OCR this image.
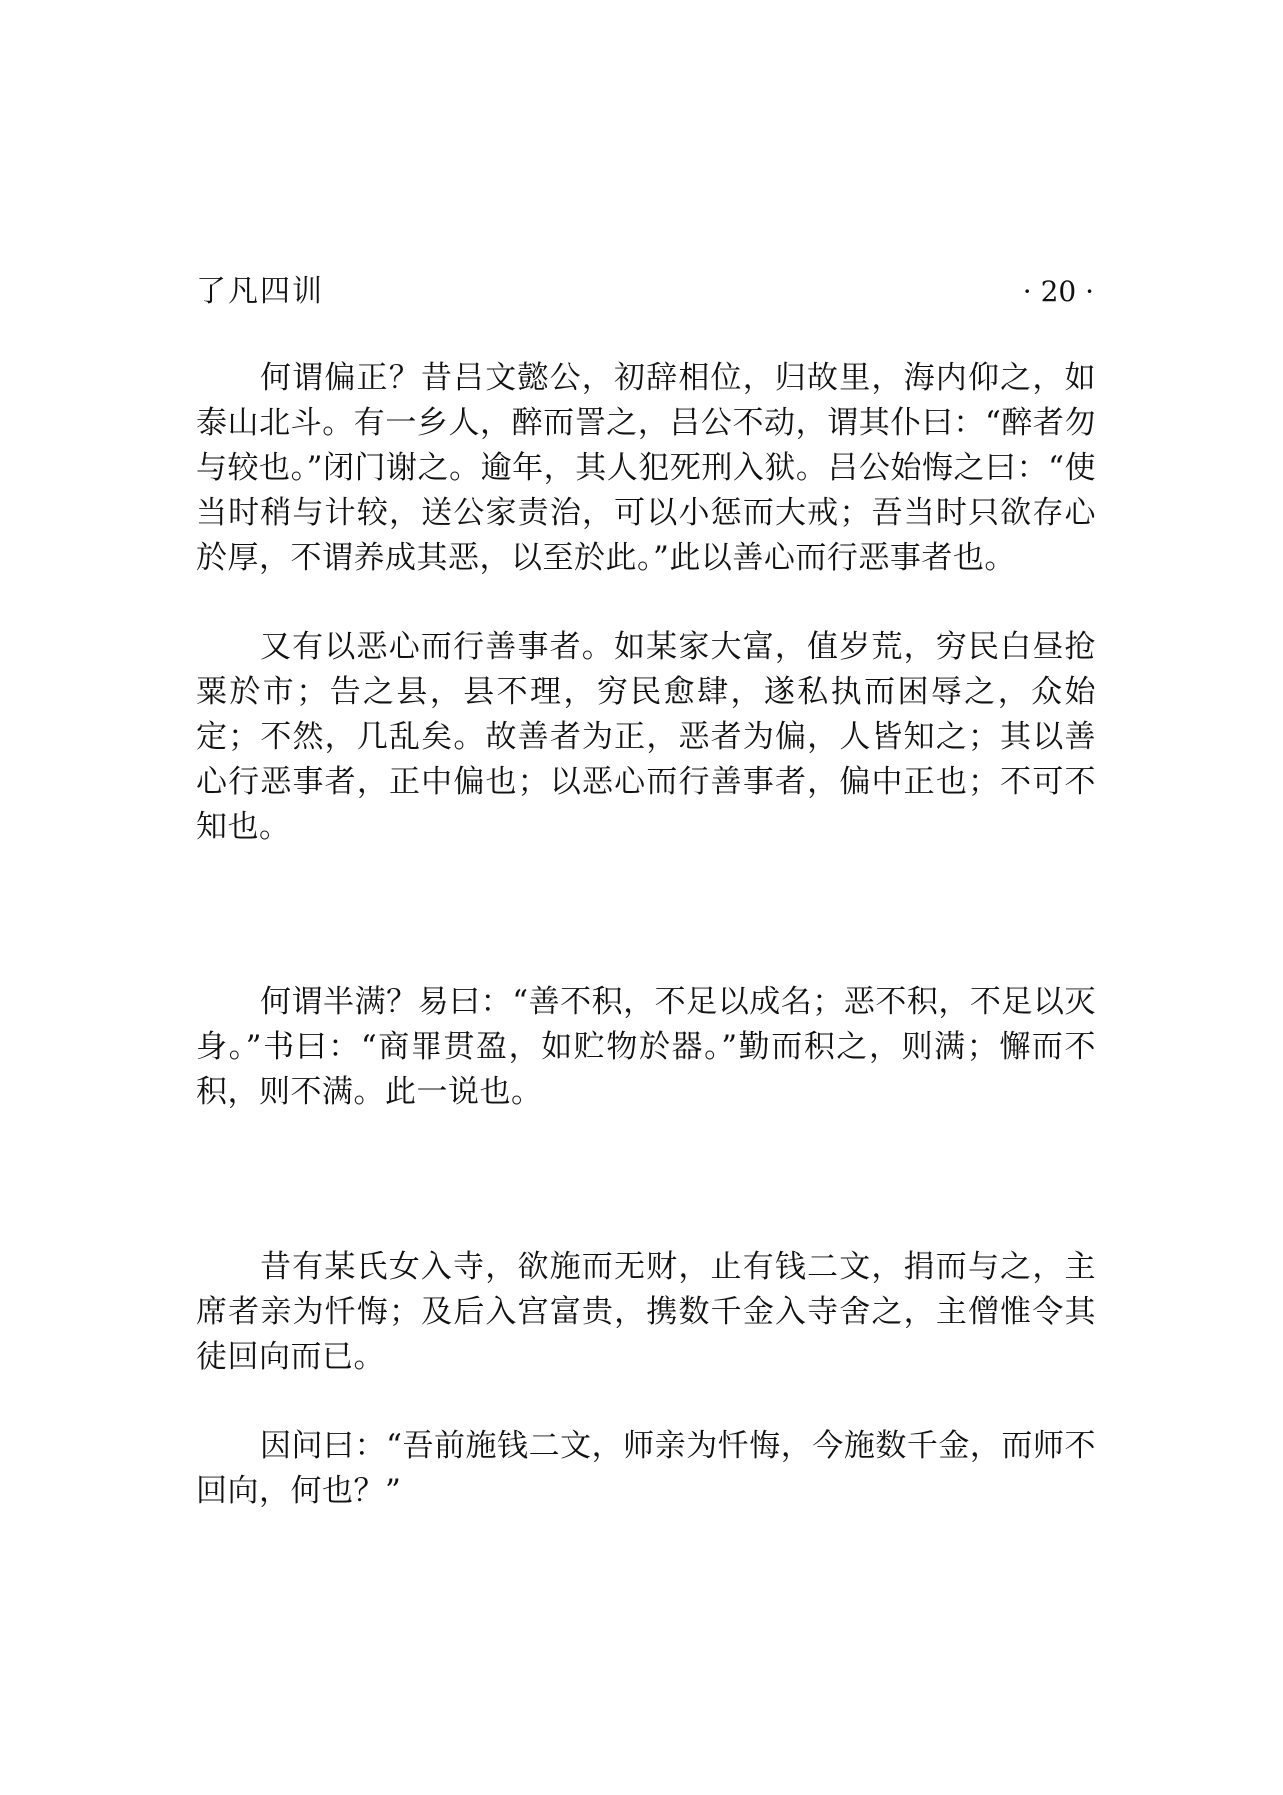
了凡四训	· 20 ·

何谓偏正？昔吕文懿公，初辞相位，归故里，海内仰之，如泰山北斗。有一乡人，醉而詈之，吕公不动，谓其仆曰：“醉者勿与较也。”闭门谢之。逾年，其人犯死刑入狱。吕公始悔之曰：“使当时稍与计较，送公家责治，可以小惩而大戒；吾当时只欲存心於厚，不谓养成其恶，以至於此。”此以善心而行恶事者也。

又有以恶心而行善事者。如某家大富，值岁荒，穷民白昼抢粟於市；告之县，县不理，穷民愈肆，遂私执而困辱之，众始定；不然，几乱矣。故善者为正，恶者为偏，人皆知之；其以善心行恶事者，正中偏也；以恶心而行善事者，偏中正也；不可不知也。

何谓半满？易曰：“善不积，不足以成名；恶不积，不足以灭身。”书曰：“商罪贯盈，如贮物於器。”勤而积之，则满；懈而不积，则不满。此一说也。

昔有某氏女入寺，欲施而无财，止有钱二文，捐而与之，主席者亲为忏悔；及后入宫富贵，携数千金入寺舍之，主僧惟令其徒回向而已。

因问曰：“吾前施钱二文，师亲为忏悔，今施数千金，而师不回向，何也？”
